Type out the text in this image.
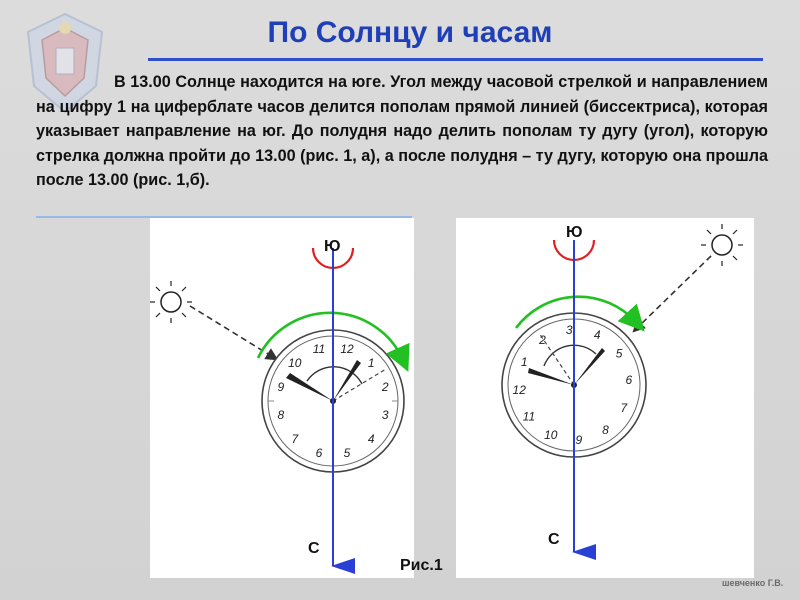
По Солнцу и часам
В 13.00 Солнце находится на юге. Угол между часовой стрелкой и направлением на цифру 1 на циферблате часов делится пополам прямой линией (биссектриса), которая указывает направление на юг. До полудня надо делить пополам ту дугу (угол), которую стрелка должна пройти до 13.00 (рис. 1, а), а после полудня – ту дугу, которую она прошла после 13.00 (рис. 1,б).
12
1
2
3
4
5
6
7
8
9
10
11
Ю
С
12
1
2
3 4
5
6
7
8
9
10
11
Ю
С
Рис.1
шевченко Г.В.
